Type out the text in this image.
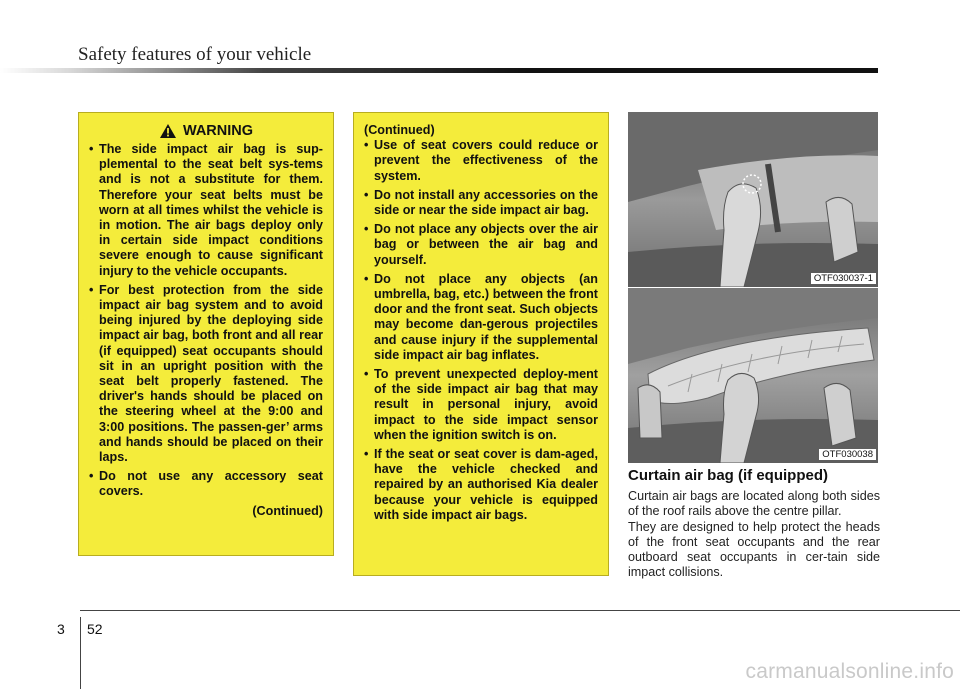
Safety features of your vehicle
WARNING
• The side impact air bag is sup-plemental to the seat belt sys-tems and is not a substitute for them. Therefore your seat belts must be worn at all times whilst the vehicle is in motion. The air bags deploy only in certain side impact conditions severe enough to cause significant injury to the vehicle occupants.
• For best protection from the side impact air bag system and to avoid being injured by the deploying side impact air bag, both front and all rear (if equipped) seat occupants should sit in an upright position with the seat belt properly fastened. The driver's hands should be placed on the steering wheel at the 9:00 and 3:00 positions. The passen-ger’ arms and hands should be placed on their laps.
• Do not use any accessory seat covers.
(Continued)
(Continued)
• Use of seat covers could reduce or prevent the effectiveness of the system.
• Do not install any accessories on the side or near the side impact air bag.
• Do not place any objects over the air bag or between the air bag and yourself.
• Do not place any objects (an umbrella, bag, etc.) between the front door and the front seat. Such objects may become dan-gerous projectiles and cause injury if the supplemental side impact air bag inflates.
• To prevent unexpected deploy-ment of the side impact air bag that may result in personal injury, avoid impact to the side impact sensor when the ignition switch is on.
• If the seat or seat cover is dam-aged, have the vehicle checked and repaired by an authorised Kia dealer because your vehicle is equipped with side impact air bags.
OTF030037-1
OTF030038
Curtain air bag (if equipped)

Curtain air bags are located along both sides of the roof rails above the centre pillar.

They are designed to help protect the heads of the front seat occupants and the rear outboard seat occupants in cer-tain side impact collisions.

3 52
carmanualsonline.info
